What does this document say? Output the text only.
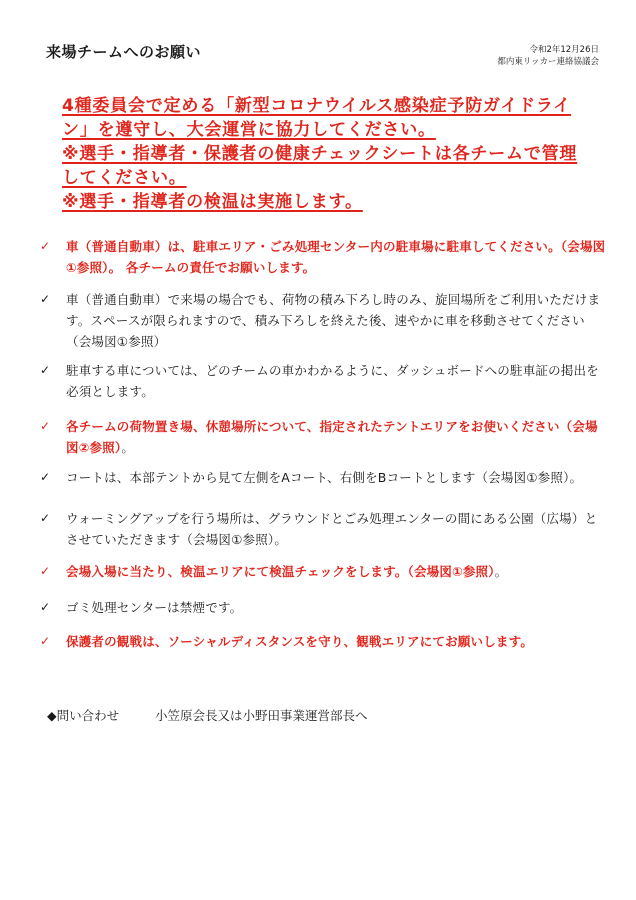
来場チームへのお願い	令和2年12月26日
都内東リッカー連絡協議会
4種委員会で定める「新型コロナウイルス感染症予防ガイドライ
ン」を遵守し、大会運営に協力してください。
※選手・指導者・保護者の健康チェックシートは各チームで管理
してください。
※選手・指導者の検温は実施します。
✓	車（普通自動車）は、駐車エリア・ごみ処理センター内の駐車場に駐車してください。（会場図①参照）。 各チームの責任でお願いします。
✓	車（普通自動車）で来場の場合でも、荷物の積み下ろし時のみ、旋回場所をご利用いただけます。スペースが限られますので、積み下ろしを終えた後、速やかに車を移動させてください（会場図①参照）
✓	駐車する車については、どのチームの車かわかるように、ダッシュボードへの駐車証の掲出を必須とします。
✓	各チームの荷物置き場、休憩場所について、指定されたテントエリアをお使いください（会場図②参照）。
✓	コートは、本部テントから見て左側をAコート、右側をBコートとします（会場図①参照）。
✓	ウォーミングアップを行う場所は、グラウンドとごみ処理エンターの間にある公園（広場）とさせていただきます（会場図①参照）。
✓	会場入場に当たり、検温エリアにて検温チェックをします。（会場図①参照）。
✓	ゴミ処理センターは禁煙です。
✓	保護者の観戦は、ソーシャルディスタンスを守り、観戦エリアにてお願いします。
◆問い合わせ	小笠原会長又は小野田事業運営部長へ
